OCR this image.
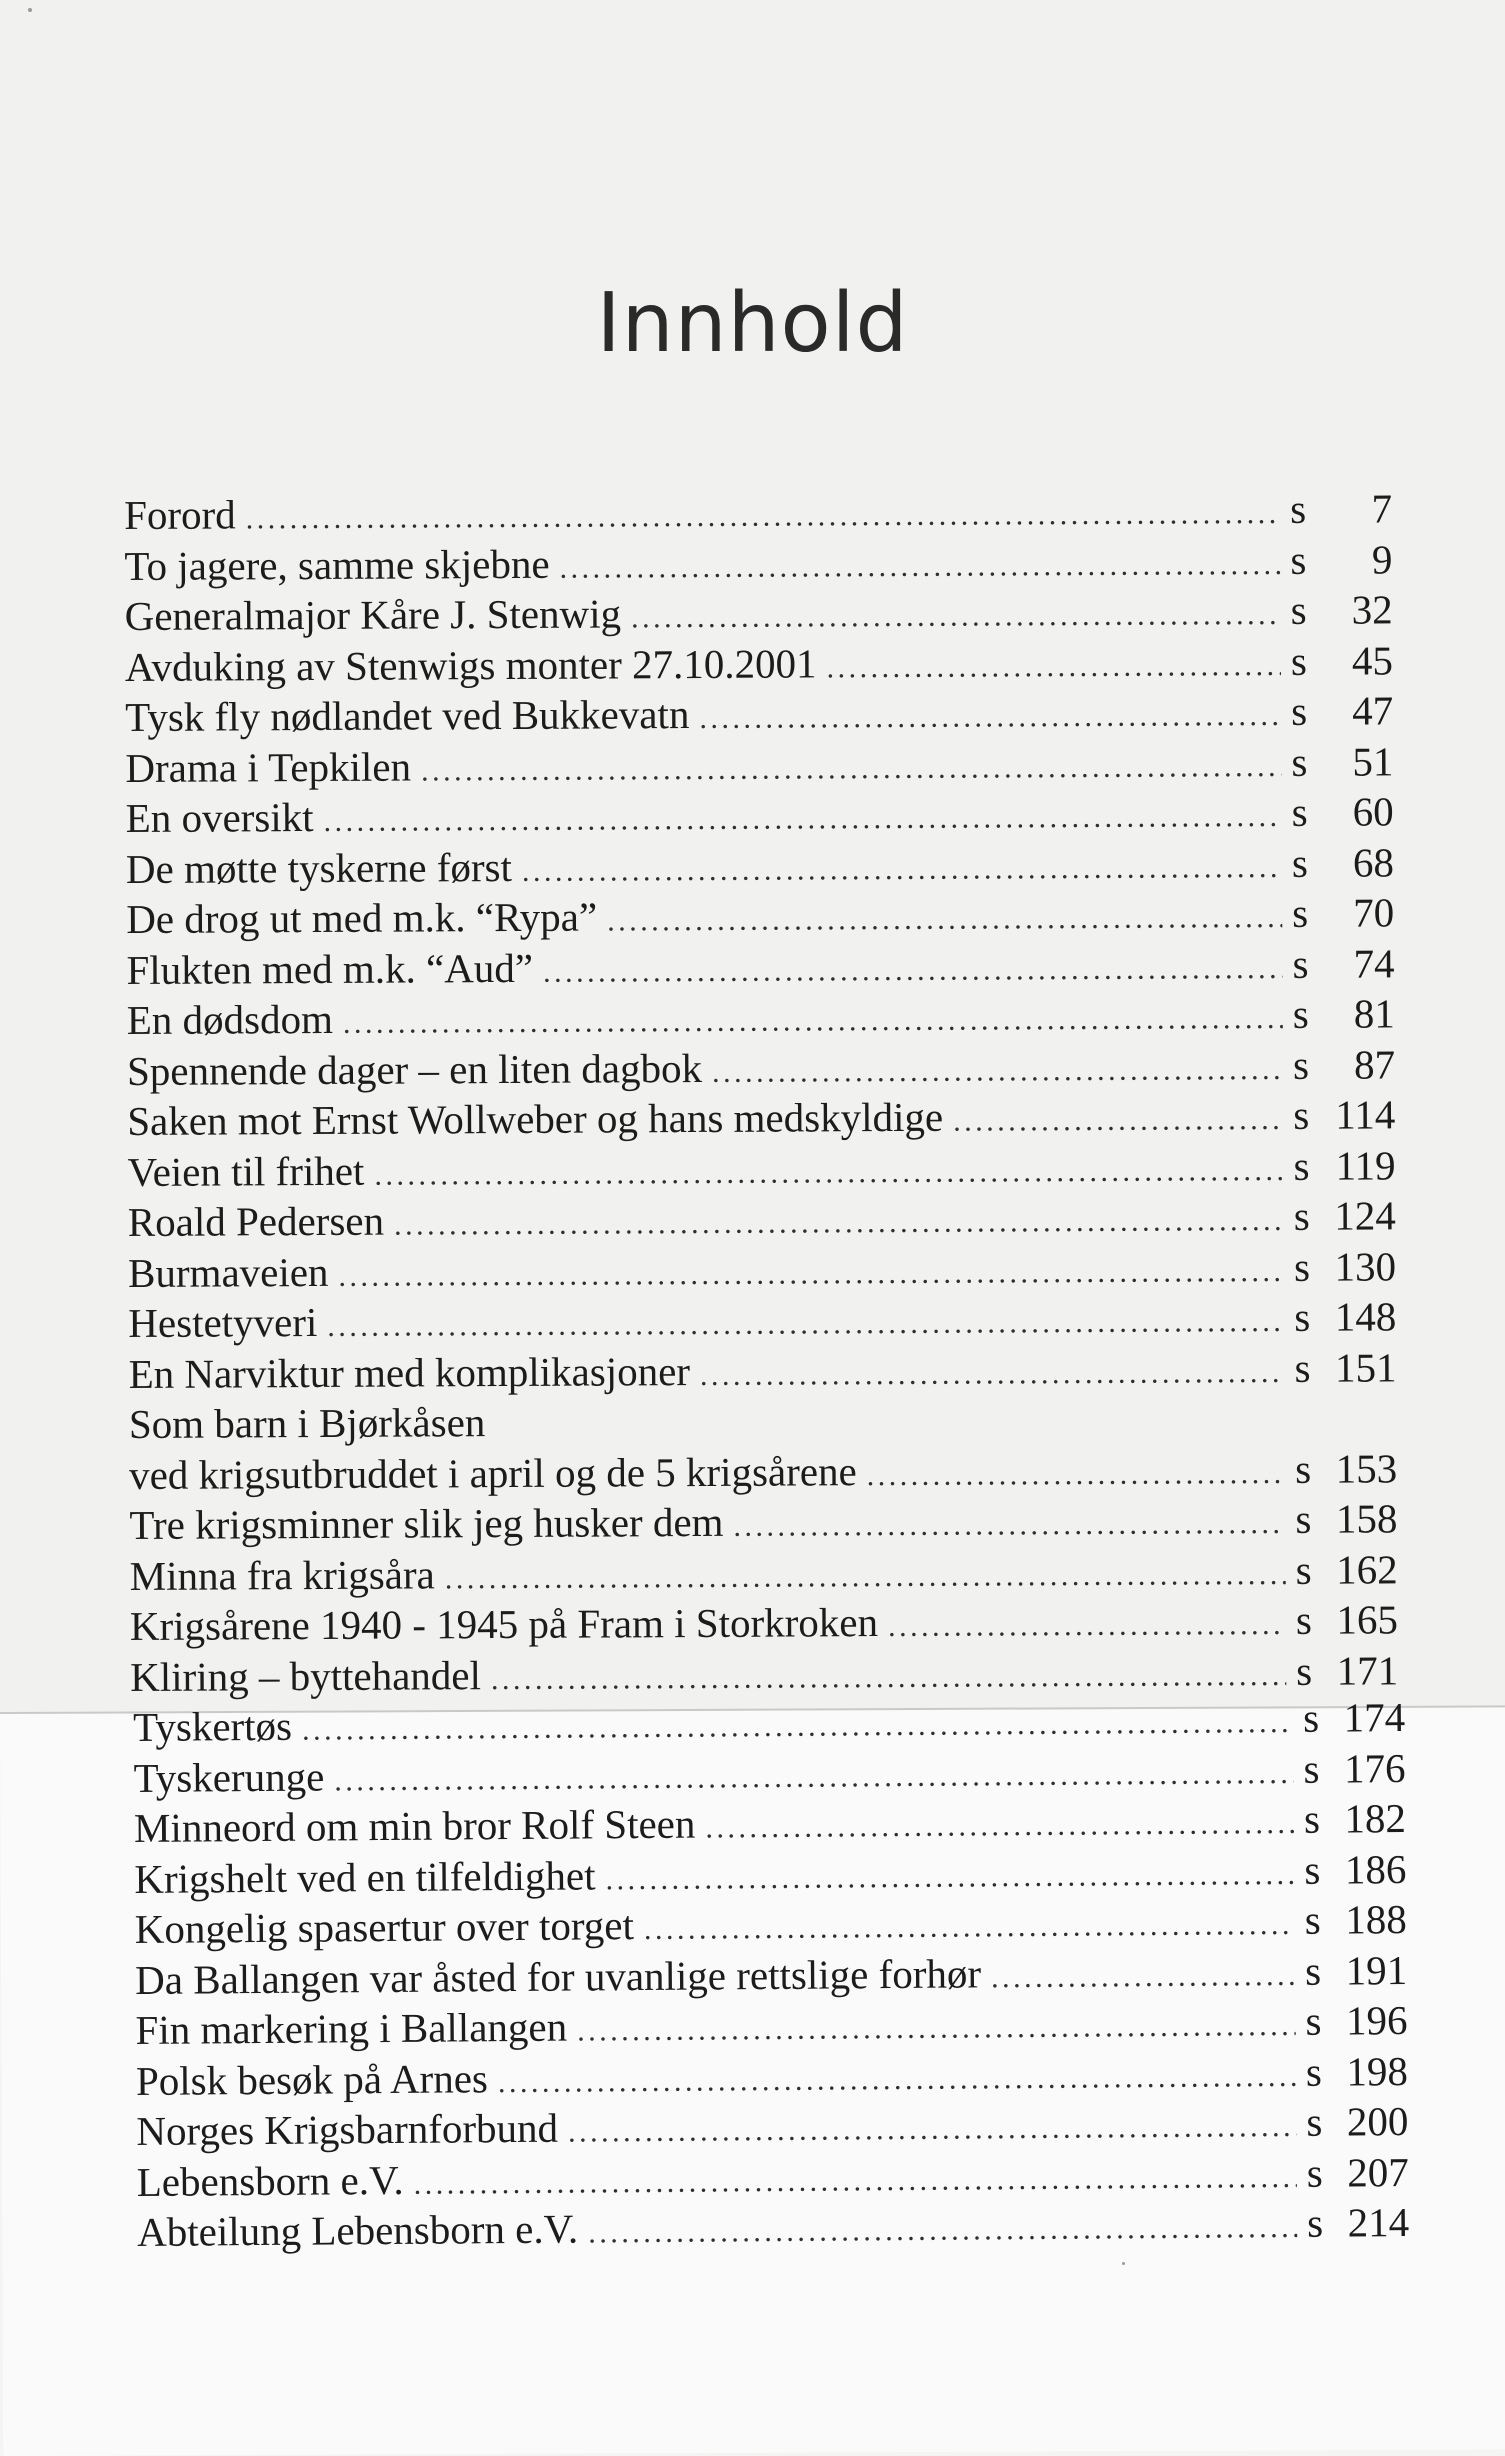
Innhold
Forord . . .	s	7
To jagere, samme skjebne . . .	s	9
Generalmajor Kåre J. Stenwig . . .	s	32
Avduking av Stenwigs monter 27.10.2001 . . .	s	45
Tysk fly nødlandet ved Bukkevatn . . .	s	47
Drama i Tepkilen . . .	s	51
En oversikt . . .	s	60
De møtte tyskerne først . . .	s	68
De drog ut med m.k. “Rypa” . . .	s	70
Flukten med m.k. “Aud” . . .	s	74
En dødsdom . . .	s	81
Spennende dager – en liten dagbok . . .	s	87
Saken mot Ernst Wollweber og hans medskyldige . . .	s 114
Veien til frihet . . .	s 119
Roald Pedersen . . .	s 124
Burmaveien . . .	s 130
Hestetyveri . . .	s 148
En Narviktur med komplikasjoner . . .	s 151
Som barn i Bjørkåsen
ved krigsutbruddet i april og de 5 krigsårene . . .	s 153
Tre krigsminner slik jeg husker dem . . .	s 158
Minna fra krigsåra . . .	s 162
Krigsårene 1940 - 1945 på Fram i Storkroken . . .	s 165
Kliring – byttehandel . . .	s 171
Tyskertøs . . .	s 174
Tyskerunge . . .	s 176
Minneord om min bror Rolf Steen . . .	s 182
Krigshelt ved en tilfeldighet . . .	s 186
Kongelig spasertur over torget . . .	s 188
Da Ballangen var åsted for uvanlige rettslige forhør . . .	s 191
Fin markering i Ballangen . . .	s 196
Polsk besøk på Arnes . . .	s 198
Norges Krigsbarnforbund . . .	s 200
Lebensborn e.V. . . .	s 207
Abteilung Lebensborn e.V. . . .	s 214
